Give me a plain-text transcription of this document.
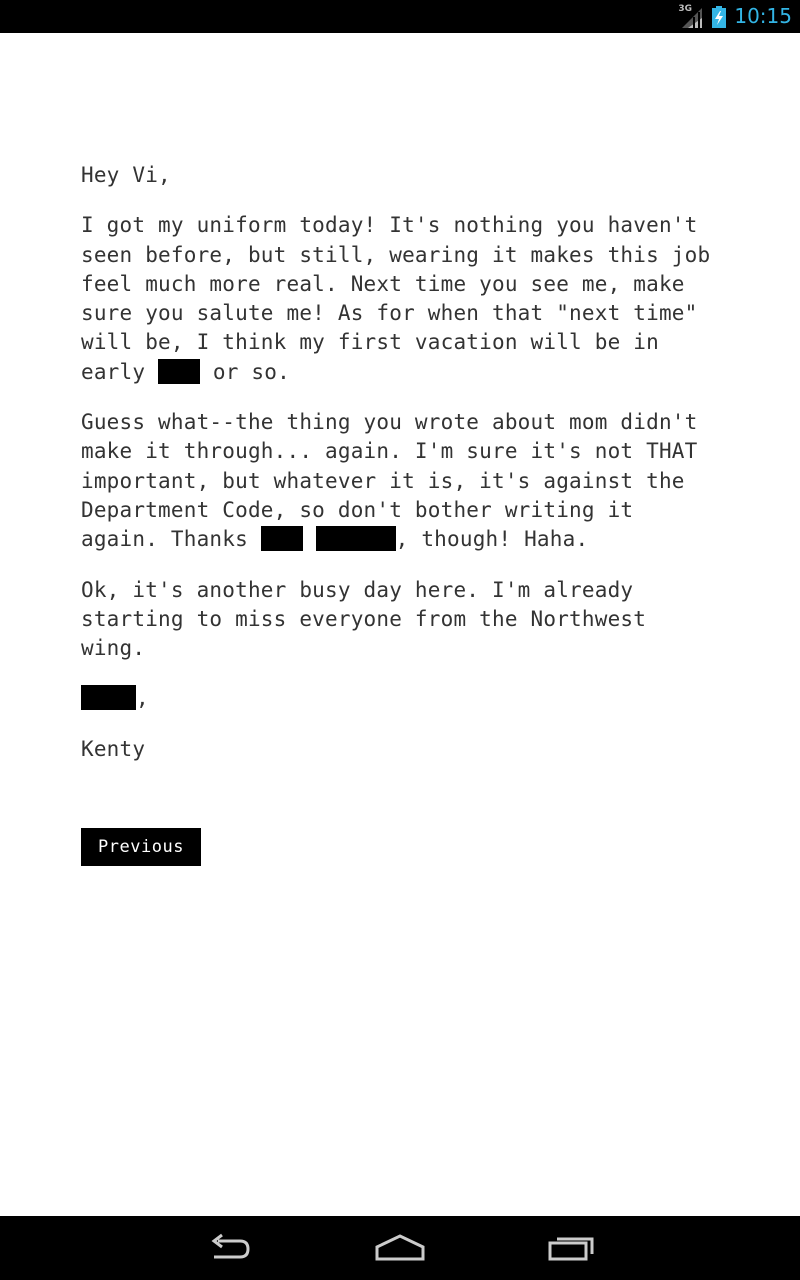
3G 10:15

Hey Vi,

I got my uniform today! It's nothing you haven't seen before, but still, wearing it makes this job feel much more real. Next time you see me, make sure you salute me! As for when that "next time" will be, I think my first vacation will be in
early	or so.

Guess what--the thing you wrote about mom didn't make it through... again. I'm sure it's not THAT important, but whatever it is, it's against the Department Code, so don't bother writing it again. Thanks	, though! Haha.

Ok, it's another busy day here. I'm already starting to miss everyone from the Northwest wing.

,

Kenty

Previous
